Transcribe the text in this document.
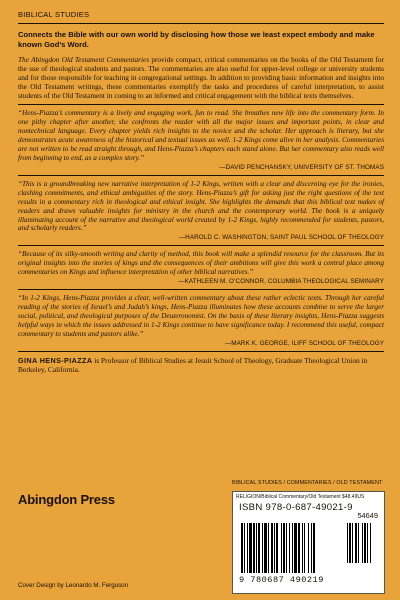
BIBLICAL STUDIES
Connects the Bible with our own world by disclosing how those we least expect embody and make known God’s Word.
The Abingdon Old Testament Commentaries provide compact, critical commentaries on the books of the Old Testament for the use of theological students and pastors. The commentaries are also useful for upper-level college or university students and for those responsible for teaching in congregational settings. In addition to providing basic information and insights into the Old Testament writings, these commentaries exemplify the tasks and procedures of careful interpretation, to assist students of the Old Testament in coming to an informed and critical engagement with the biblical texts themselves.
“Hens-Piazza’s commentary is a lively and engaging work, fun to read. She breathes new life into the commentary form. In one pithy chapter after another, she confronts the reader with all the major issues and important points, in clear and nontechnical language. Every chapter yields rich insights to the novice and the scholar. Her approach is literary, but she demonstrates acute awareness of the historical and textual issues as well. 1-2 Kings come alive in her analysis. Commentaries are not written to be read straight through, and Hens-Piazza’s chapters each stand alone. But her commentary also reads well from beginning to end, as a complex story.”
—DAVID PENCHANSKY, UNIVERSITY OF ST. THOMAS
“This is a groundbreaking new narrative interpretation of 1-2 Kings, written with a clear and discerning eye for the ironies, clashing commitments, and ethical ambiguities of the story. Hens-Piazza’s gift for asking just the right questions of the text results in a commentary rich in theological and ethical insight. She highlights the demands that this biblical text makes of readers and draws valuable insights for ministry in the church and the contemporary world. The book is a uniquely illuminating account of the narrative and theological world created by 1-2 Kings, highly recommended for students, pastors, and scholarly readers.”
—HAROLD C. WASHINGTON, SAINT PAUL SCHOOL OF THEOLOGY
“Because of its silky-smooth writing and clarity of method, this book will make a splendid resource for the classroom. But its original insights into the stories of kings and the consequences of their ambitions will give this work a central place among commentaries on Kings and influence interpretation of other biblical narratives.”
—KATHLEEN M. O’CONNOR, COLUMBIA THEOLOGICAL SEMINARY
“In 1-2 Kings, Hens-Piazza provides a clear, well-written commentary about these rather eclectic texts. Through her careful reading of the stories of Israel’s and Judah’s kings, Hens-Piazza illuminates how these accounts combine to serve the larger social, political, and theological purposes of the Deuteronomist. On the basis of these literary insights, Hens-Piazza suggests helpful ways in which the issues addressed in 1-2 Kings continue to have significance today. I recommend this useful, compact commentary to students and pastors alike.”
—MARK K. GEORGE, ILIFF SCHOOL OF THEOLOGY
GINA HENS-PIAZZA is Professor of Biblical Studies at Jesuit School of Theology, Graduate Theological Union in Berkeley, California.
Abingdon Press
Cover Design by Leonardo M. Ferguson
BIBLICAL STUDIES / COMMENTARIES / OLD TESTAMENT
RELIGION/Biblical Commentary/Old Testament $48.49US
ISBN 978-0-687-49021-9
54649
9 780687 490219
